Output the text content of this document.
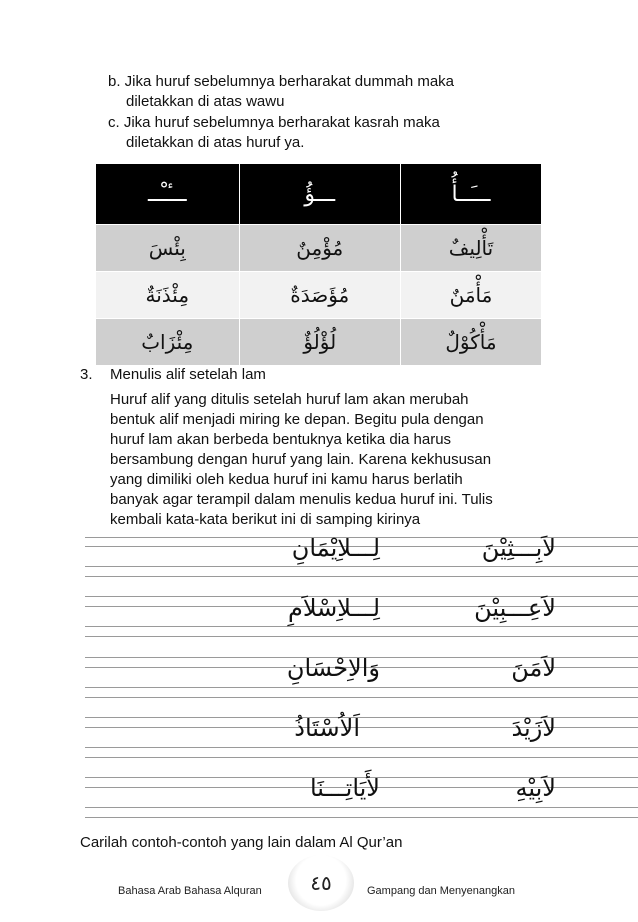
b. Jika huruf sebelumnya berharakat dummah maka
diletakkan di atas wawu
c. Jika huruf sebelumnya berharakat kasrah maka
diletakkan di atas huruf ya.
ـــٔـْــ	ـــؤُ	ـــَــأُ
بِئْسَ	مُؤْمِنٌ	تَأْلِيفٌ
مِئْذَنَةٌ	مُؤَصَدَةٌ	مَأْمَنٌ
مِئْزَابٌ	لُؤْلُؤٌ	مَأْكُوْلٌ
3. Menulis alif setelah lam
Huruf alif yang ditulis setelah huruf lam akan merubah
bentuk alif menjadi miring ke depan. Begitu pula dengan
huruf lam akan berbeda bentuknya ketika dia harus
bersambung dengan huruf yang lain. Karena kekhususan
yang dimiliki oleh kedua huruf ini kamu harus berlatih
banyak agar terampil dalam menulis kedua huruf ini. Tulis
kembali kata-kata berikut ini di samping kirinya
لاَبِـــثِيْنَ
لِـــلاِيْمَانِ
لاَعِـــبِيْنَ
لِـــلاِسْلاَمِ
لاَمَنَ
وَالاِحْسَانِ
لاَزَيْدَ
اَلاُسْتَاذُ
لاَبِيْهِ
لأَيَاتِـــنَا
Carilah contoh-contoh yang lain dalam Al Qur’an
Bahasa Arab Bahasa Alquran ٤٥	Gampang dan Menyenangkan
